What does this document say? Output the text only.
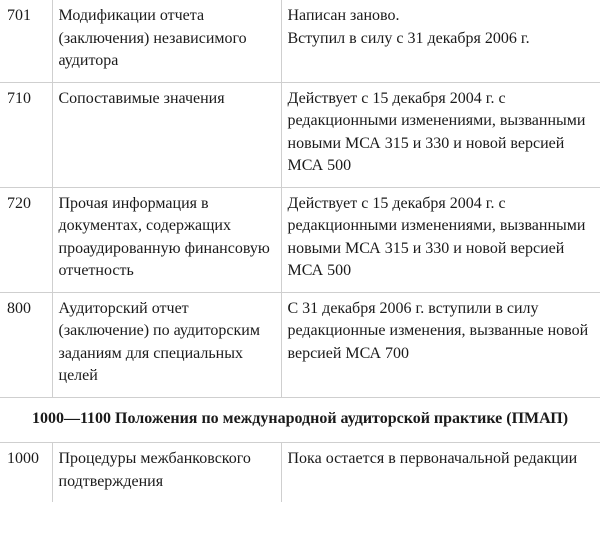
701	Модификации отчета (заключения) независимого аудитора	Написан заново.
Вступил в силу с 31 декабря 2006 г.

710	Сопоставимые значения	Действует с 15 декабря 2004 г. с редакционными изменениями, вызванными новыми МСА 315 и 330 и новой версией МСА 500

720	Прочая информация в документах, содержащих проаудированную финансовую отчетность	Действует с 15 декабря 2004 г. с редакционными изменениями, вызванными новыми МСА 315 и 330 и новой версией МСА 500

800	Аудиторский отчет (заключение) по аудиторским заданиям для специальных целей	С 31 декабря 2006 г. вступили в силу редакционные изменения, вызванные новой версией МСА 700

1000—1100 Положения по международной аудиторской практике (ПМАП)		
1000	Процедуры межбанковского подтверждения	Пока остается в первоначальной редакции
